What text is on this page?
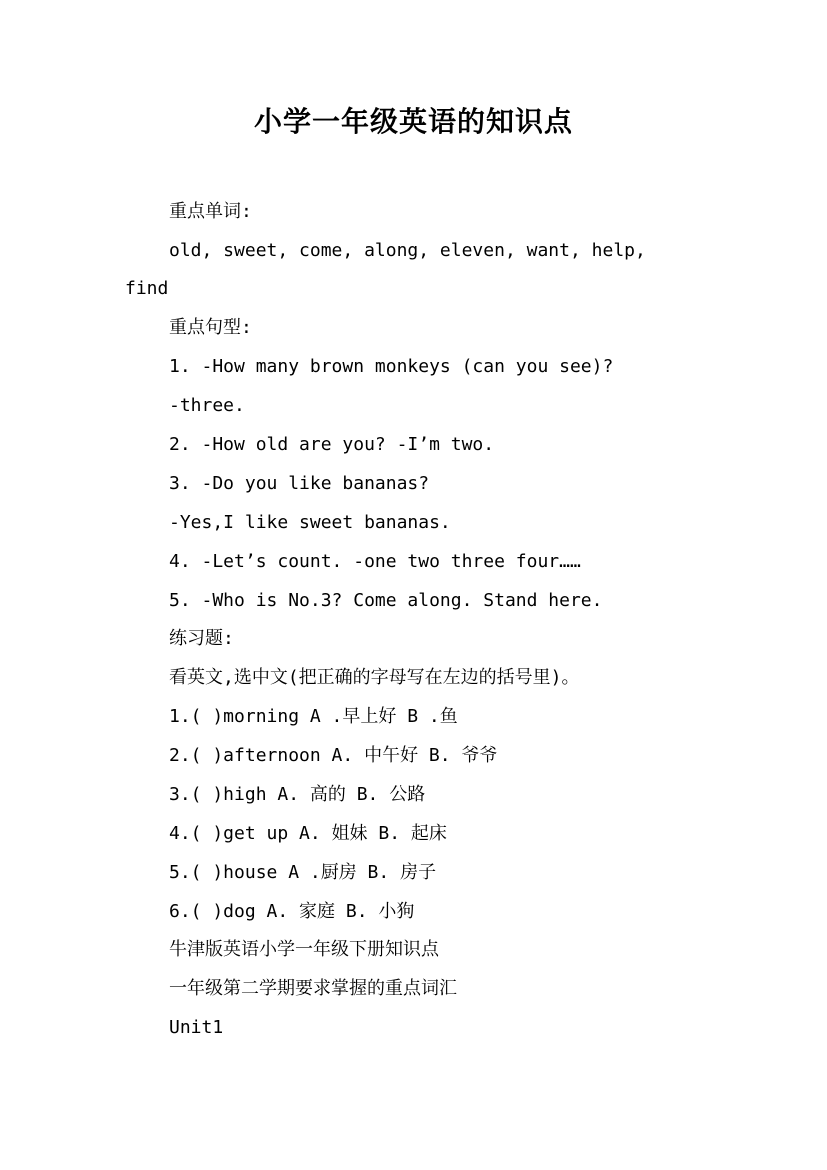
小学一年级英语的知识点
重点单词:
old, sweet, come, along, eleven, want, help,
find
重点句型:
1. -How many brown monkeys (can you see)?
-three.
2. -How old are you? -I’m two.
3. -Do you like bananas?
-Yes,I like sweet bananas.
4. -Let’s count. -one two three four……
5. -Who is No.3? Come along. Stand here.
练习题:
看英文,选中文(把正确的字母写在左边的括号里)。
1.( )morning A .早上好 B .鱼
2.( )afternoon A. 中午好 B. 爷爷
3.( )high A. 高的 B. 公路
4.( )get up A. 姐妹 B. 起床
5.( )house A .厨房 B. 房子
6.( )dog A. 家庭 B. 小狗
牛津版英语小学一年级下册知识点
一年级第二学期要求掌握的重点词汇
Unit1
